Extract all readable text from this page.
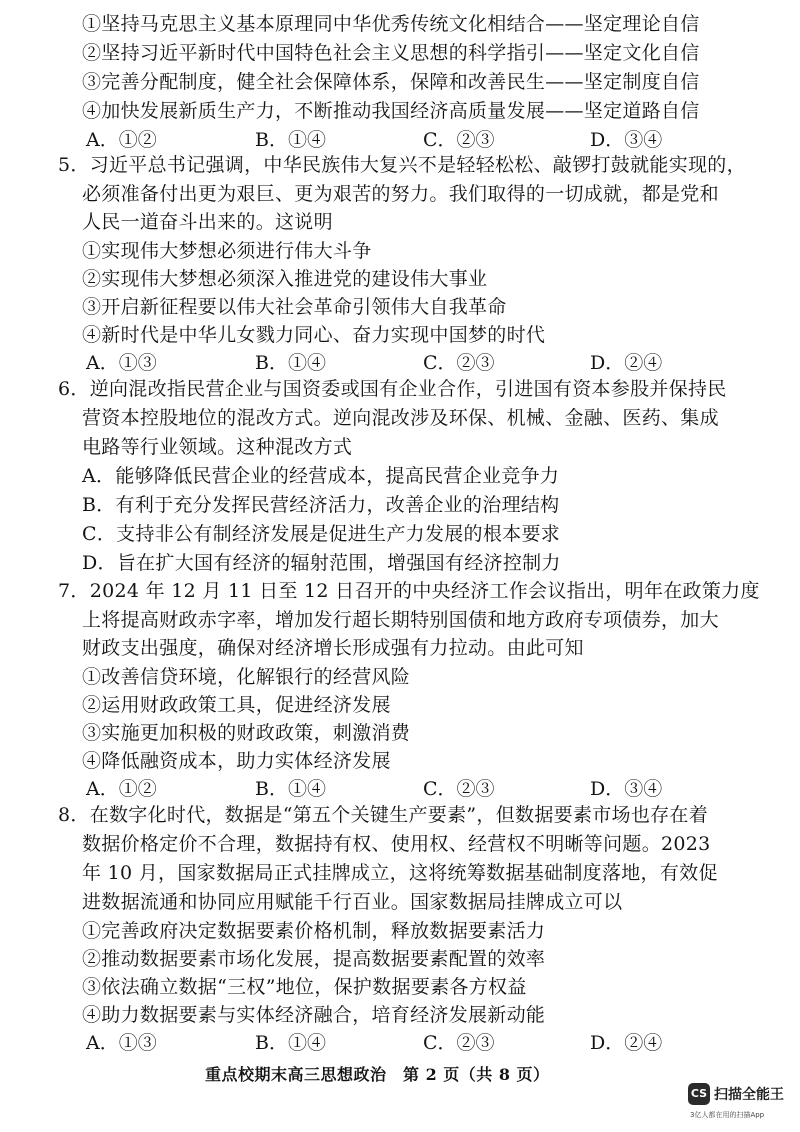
①坚持马克思主义基本原理同中华优秀传统文化相结合——坚定理论自信
②坚持习近平新时代中国特色社会主义思想的科学指引——坚定文化自信
③完善分配制度，健全社会保障体系，保障和改善民生——坚定制度自信
④加快发展新质生产力，不断推动我国经济高质量发展——坚定道路自信
A．①②	B．①④	C．②③	D．③④
5．习近平总书记强调，中华民族伟大复兴不是轻轻松松、敲锣打鼓就能实现的，
必须准备付出更为艰巨、更为艰苦的努力。我们取得的一切成就，都是党和
人民一道奋斗出来的。这说明
①实现伟大梦想必须进行伟大斗争
②实现伟大梦想必须深入推进党的建设伟大事业
③开启新征程要以伟大社会革命引领伟大自我革命
④新时代是中华儿女戮力同心、奋力实现中国梦的时代
A．①③	B．①④	C．②③	D．②④
6．逆向混改指民营企业与国资委或国有企业合作，引进国有资本参股并保持民
营资本控股地位的混改方式。逆向混改涉及环保、机械、金融、医药、集成
电路等行业领域。这种混改方式
A．能够降低民营企业的经营成本，提高民营企业竞争力
B．有利于充分发挥民营经济活力，改善企业的治理结构
C．支持非公有制经济发展是促进生产力发展的根本要求
D．旨在扩大国有经济的辐射范围，增强国有经济控制力
7．2024 年 12 月 11 日至 12 日召开的中央经济工作会议指出，明年在政策力度
上将提高财政赤字率，增加发行超长期特别国债和地方政府专项债券，加大
财政支出强度，确保对经济增长形成强有力拉动。由此可知
①改善信贷环境，化解银行的经营风险
②运用财政政策工具，促进经济发展
③实施更加积极的财政政策，刺激消费
④降低融资成本，助力实体经济发展
A．①②	B．①④	C．②③	D．③④
8．在数字化时代，数据是“第五个关键生产要素”，但数据要素市场也存在着
数据价格定价不合理，数据持有权、使用权、经营权不明晰等问题。2023
年 10 月，国家数据局正式挂牌成立，这将统筹数据基础制度落地，有效促
进数据流通和协同应用赋能千行百业。国家数据局挂牌成立可以
①完善政府决定数据要素价格机制，释放数据要素活力
②推动数据要素市场化发展，提高数据要素配置的效率
③依法确立数据“三权”地位，保护数据要素各方权益
④助力数据要素与实体经济融合，培育经济发展新动能
A．①③	B．①④	C．②③	D．②④
重点校期末高三思想政治　第 2 页（共 8 页）
CS 扫描全能王
3亿人都在用的扫描App
